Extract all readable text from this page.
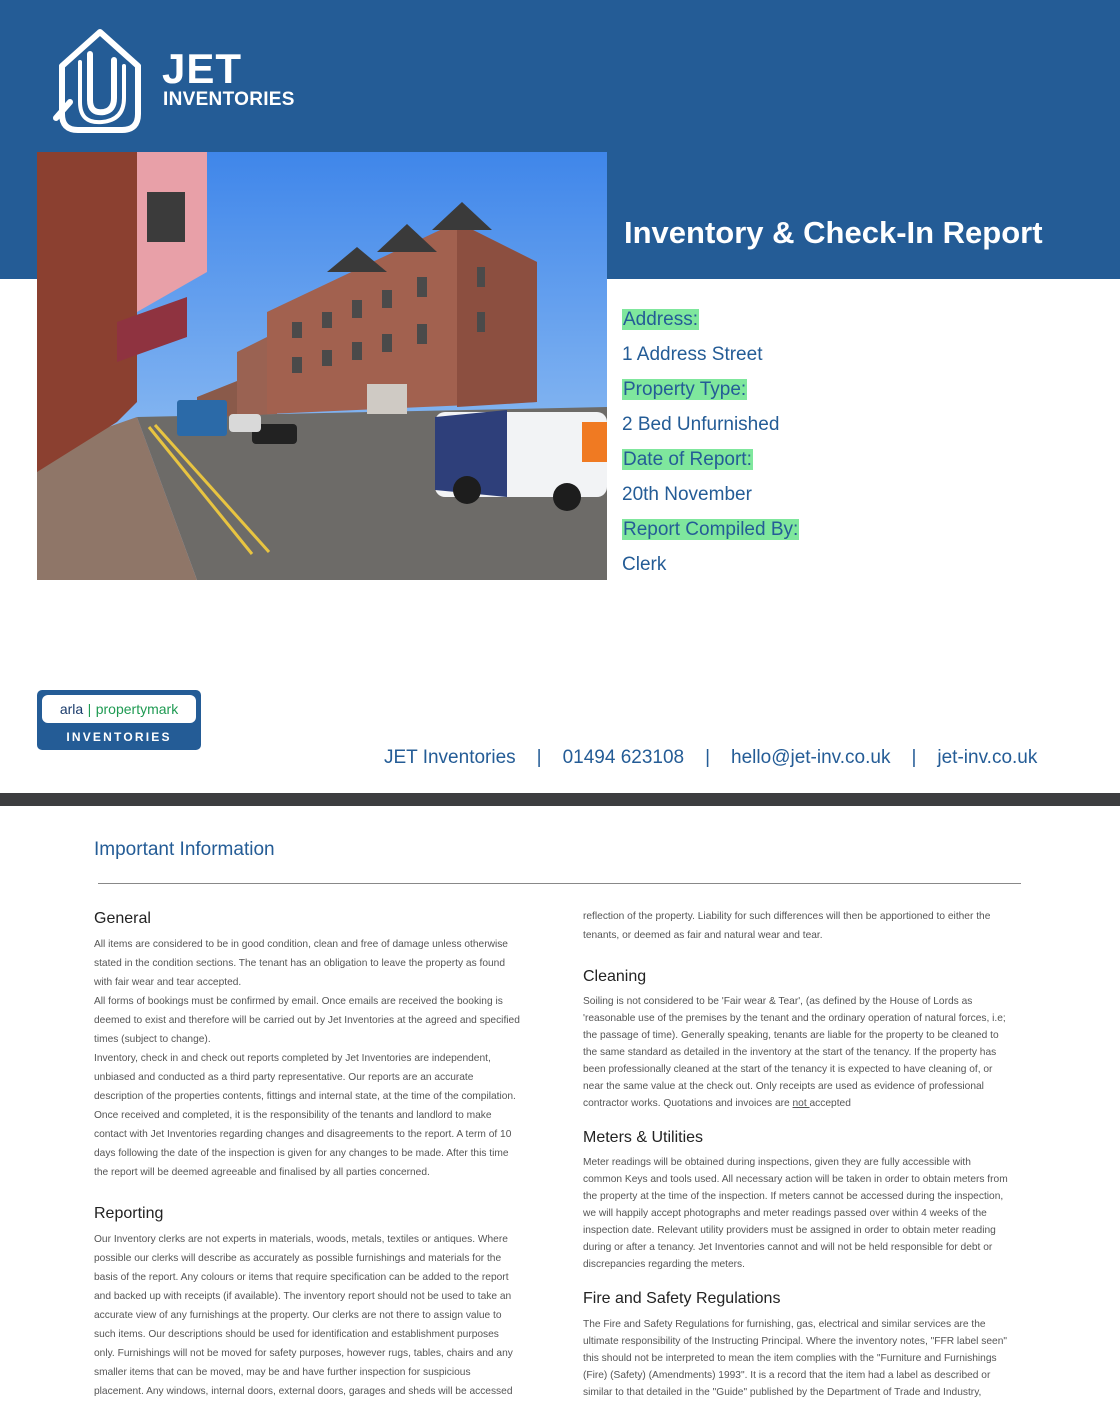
JET
INVENTORIES
Inventory & Check-In Report
Address:
1 Address Street
Property Type:
2 Bed Unfurnished
Date of Report:
20th November
Report Compiled By:
Clerk
arla | propertymark
INVENTORIES
JET Inventories | 01494 623108 | hello@jet-inv.co.uk | jet-inv.co.uk
Important Information
General

All items are considered to be in good condition, clean and free of damage unless otherwise
stated in the condition sections. The tenant has an obligation to leave the property as found
with fair wear and tear accepted.
All forms of bookings must be confirmed by email. Once emails are received the booking is
deemed to exist and therefore will be carried out by Jet Inventories at the agreed and specified
times (subject to change).
Inventory, check in and check out reports completed by Jet Inventories are independent,
unbiased and conducted as a third party representative. Our reports are an accurate
description of the properties contents, fittings and internal state, at the time of the compilation.
Once received and completed, it is the responsibility of the tenants and landlord to make
contact with Jet Inventories regarding changes and disagreements to the report. A term of 10
days following the date of the inspection is given for any changes to be made. After this time
the report will be deemed agreeable and finalised by all parties concerned.

Reporting

Our Inventory clerks are not experts in materials, woods, metals, textiles or antiques. Where
possible our clerks will describe as accurately as possible furnishings and materials for the
basis of the report. Any colours or items that require specification can be added to the report
and backed up with receipts (if available). The inventory report should not be used to take an
accurate view of any furnishings at the property. Our clerks are not there to assign value to
such items. Our descriptions should be used for identification and establishment purposes
only. Furnishings will not be moved for safety purposes, however rugs, tables, chairs and any
smaller items that can be moved, may be and have further inspection for suspicious
placement. Any windows, internal doors, external doors, garages and sheds will be accessed

reflection of the property. Liability for such differences will then be apportioned to either the
tenants, or deemed as fair and natural wear and tear.

Cleaning

Soiling is not considered to be 'Fair wear & Tear', (as defined by the House of Lords as
'reasonable use of the premises by the tenant and the ordinary operation of natural forces, i.e;
the passage of time). Generally speaking, tenants are liable for the property to be cleaned to
the same standard as detailed in the inventory at the start of the tenancy. If the property has
been professionally cleaned at the start of the tenancy it is expected to have cleaning of, or
near the same value at the check out. Only receipts are used as evidence of professional
contractor works. Quotations and invoices are not accepted

Meters & Utilities

Meter readings will be obtained during inspections, given they are fully accessible with
common Keys and tools used. All necessary action will be taken in order to obtain meters from
the property at the time of the inspection. If meters cannot be accessed during the inspection,
we will happily accept photographs and meter readings passed over within 4 weeks of the
inspection date. Relevant utility providers must be assigned in order to obtain meter reading
during or after a tenancy. Jet Inventories cannot and will not be held responsible for debt or
discrepancies regarding the meters.

Fire and Safety Regulations

The Fire and Safety Regulations for furnishing, gas, electrical and similar services are the
ultimate responsibility of the Instructing Principal. Where the inventory notes, "FFR label seen"
this should not be interpreted to mean the item complies with the "Furniture and Furnishings
(Fire) (Safety) (Amendments) 1993". It is a record that the item had a label as described or
similar to that detailed in the "Guide" published by the Department of Trade and Industry,
